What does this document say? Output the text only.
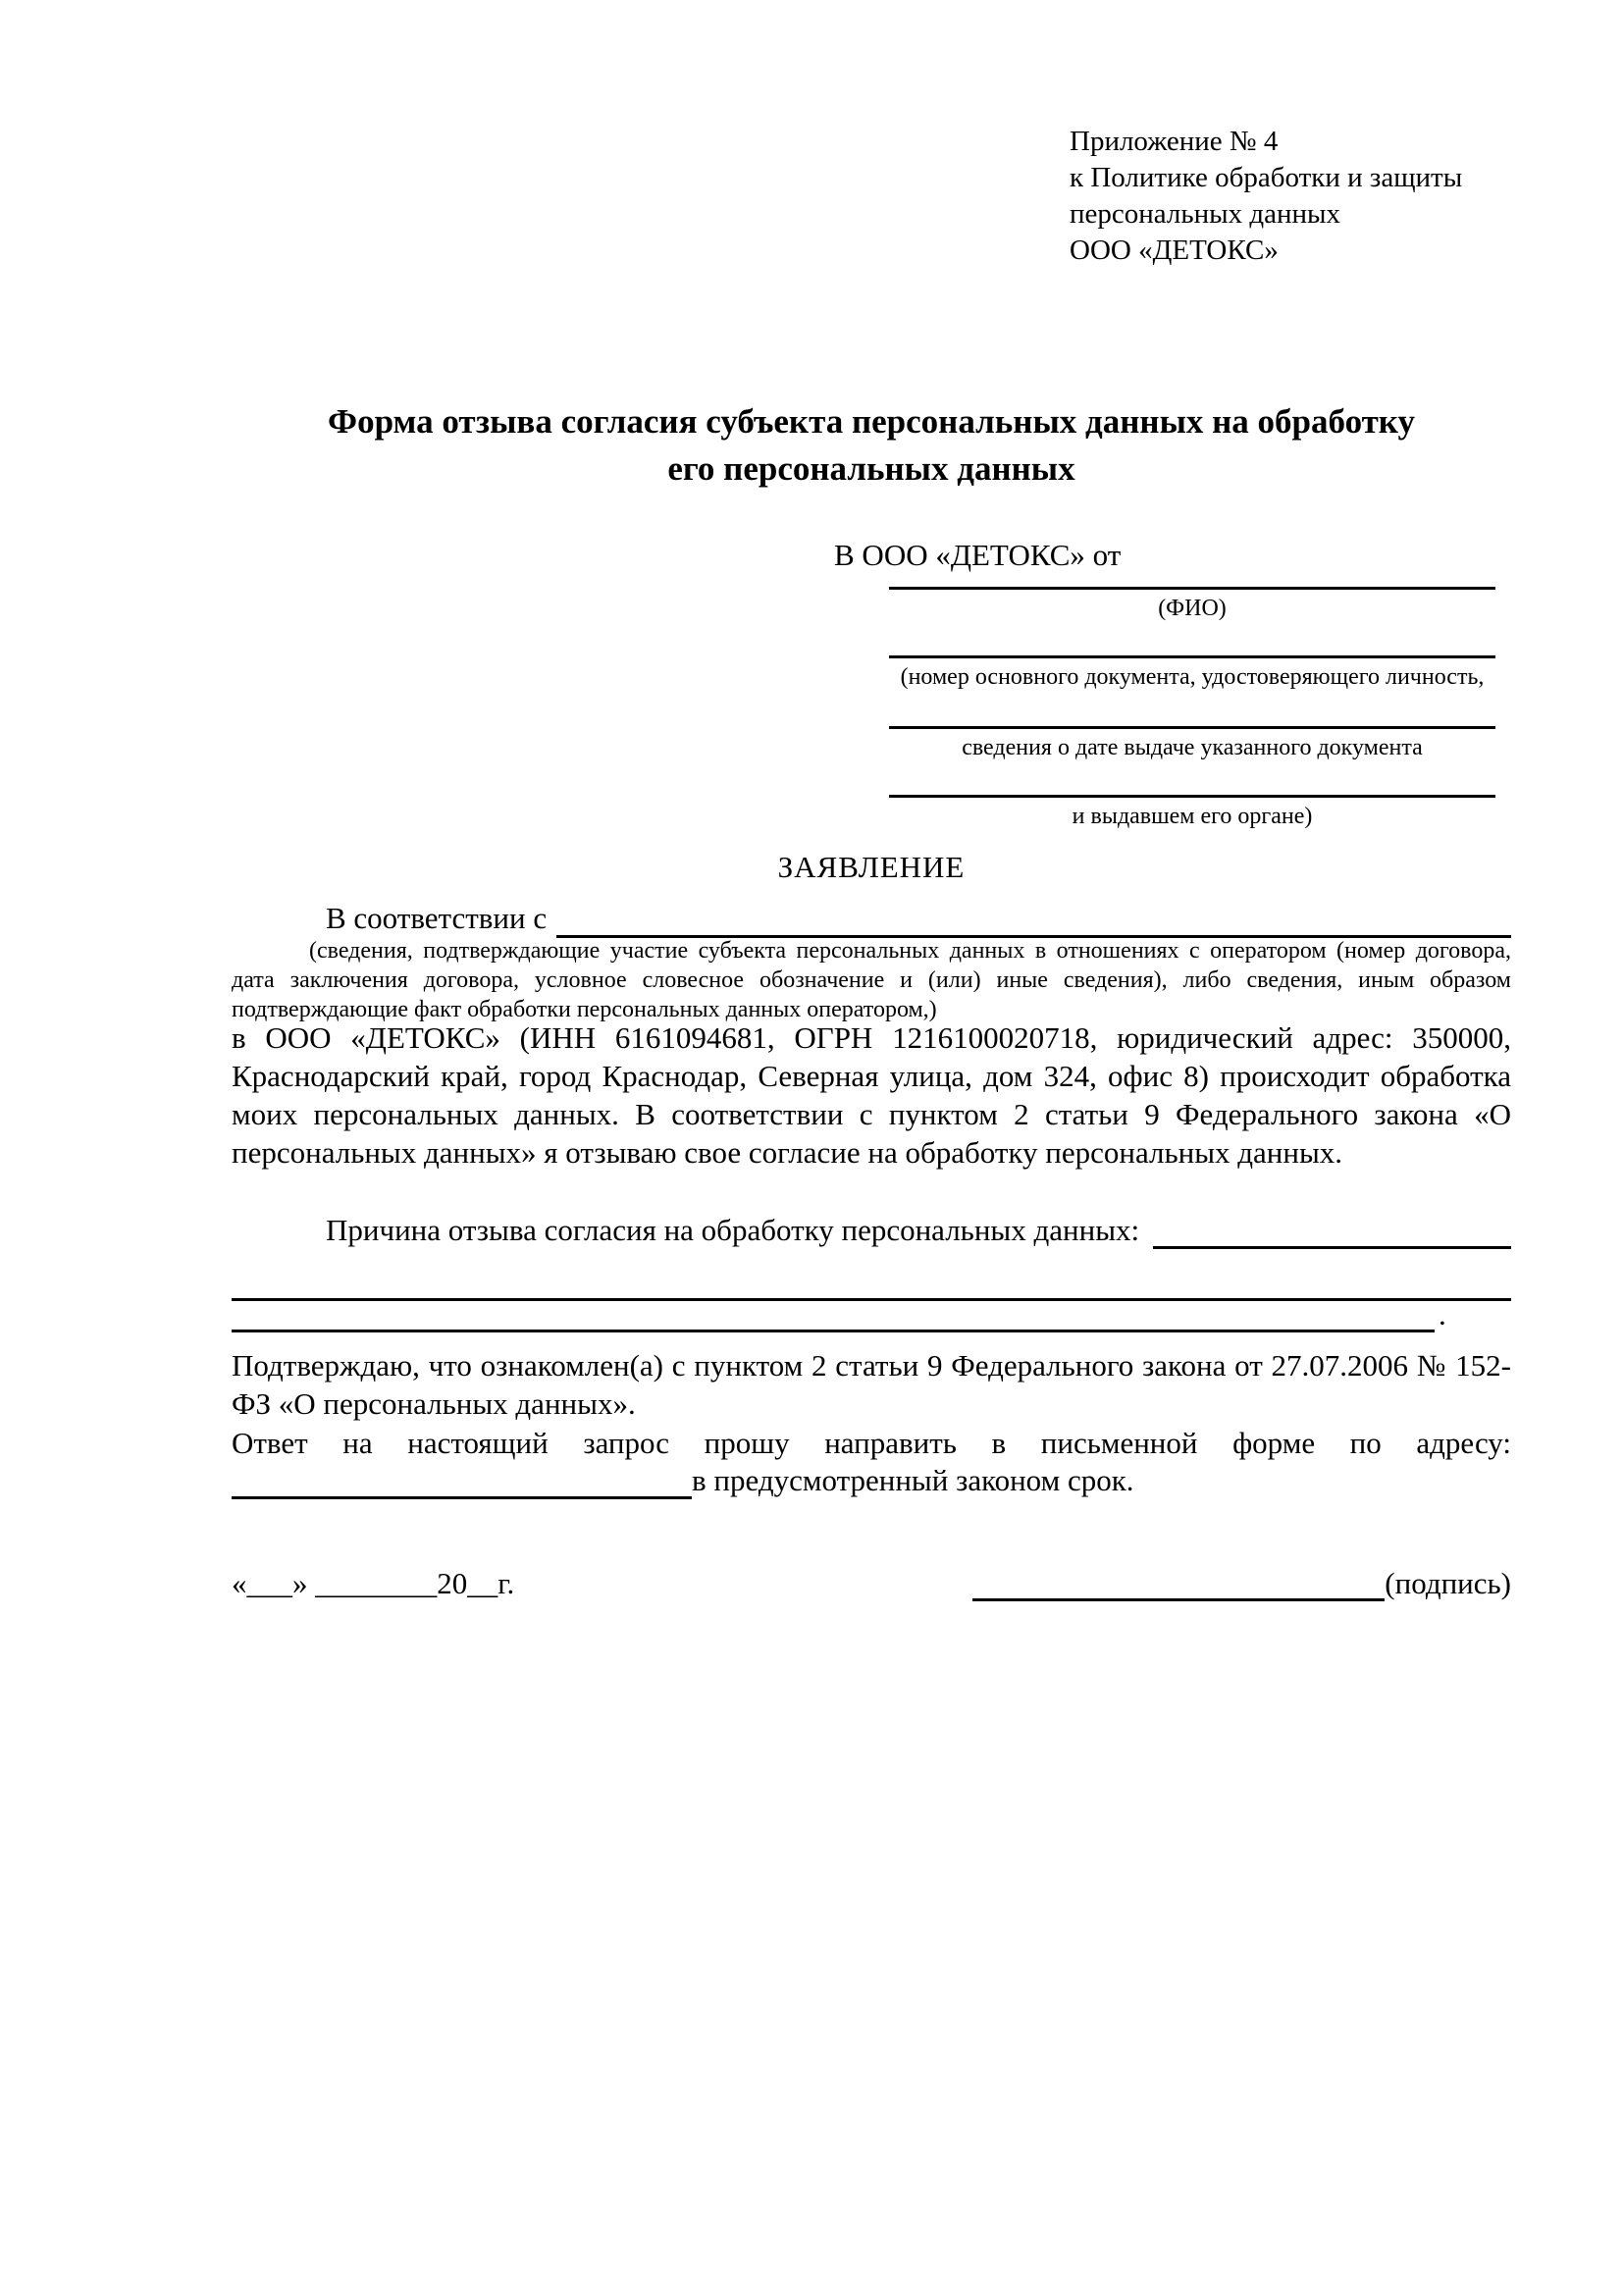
Приложение № 4
к Политике обработки и защиты
персональных данных
ООО «ДЕТОКС»
Форма отзыва согласия субъекта персональных данных на обработку
его персональных данных
В ООО «ДЕТОКС» от
(ФИО)
(номер основного документа, удостоверяющего личность,
сведения о дате выдаче указанного документа
и выдавшем его органе)
ЗАЯВЛЕНИЕ
В соответствии с
(сведения, подтверждающие участие субъекта персональных данных в отношениях с оператором (номер договора, дата заключения договора, условное словесное обозначение и (или) иные сведения), либо сведения, иным образом подтверждающие факт обработки персональных данных оператором,)
в ООО «ДЕТОКС» (ИНН 6161094681, ОГРН 1216100020718, юридический адрес: 350000, Краснодарский край, город Краснодар, Северная улица, дом 324, офис 8) происходит обработка моих персональных данных. В соответствии с пунктом 2 статьи 9 Федерального закона «О персональных данных» я отзываю свое согласие на обработку персональных данных.
Причина отзыва согласия на обработку персональных данных:
.
Подтверждаю, что ознакомлен(а) с пунктом 2 статьи 9 Федерального закона от 27.07.2006 № 152-ФЗ «О персональных данных».
Ответ на настоящий запрос прошу направить в письменной форме по адресу:
в предусмотренный законом срок.
«___» ________20__г.	(подпись)
